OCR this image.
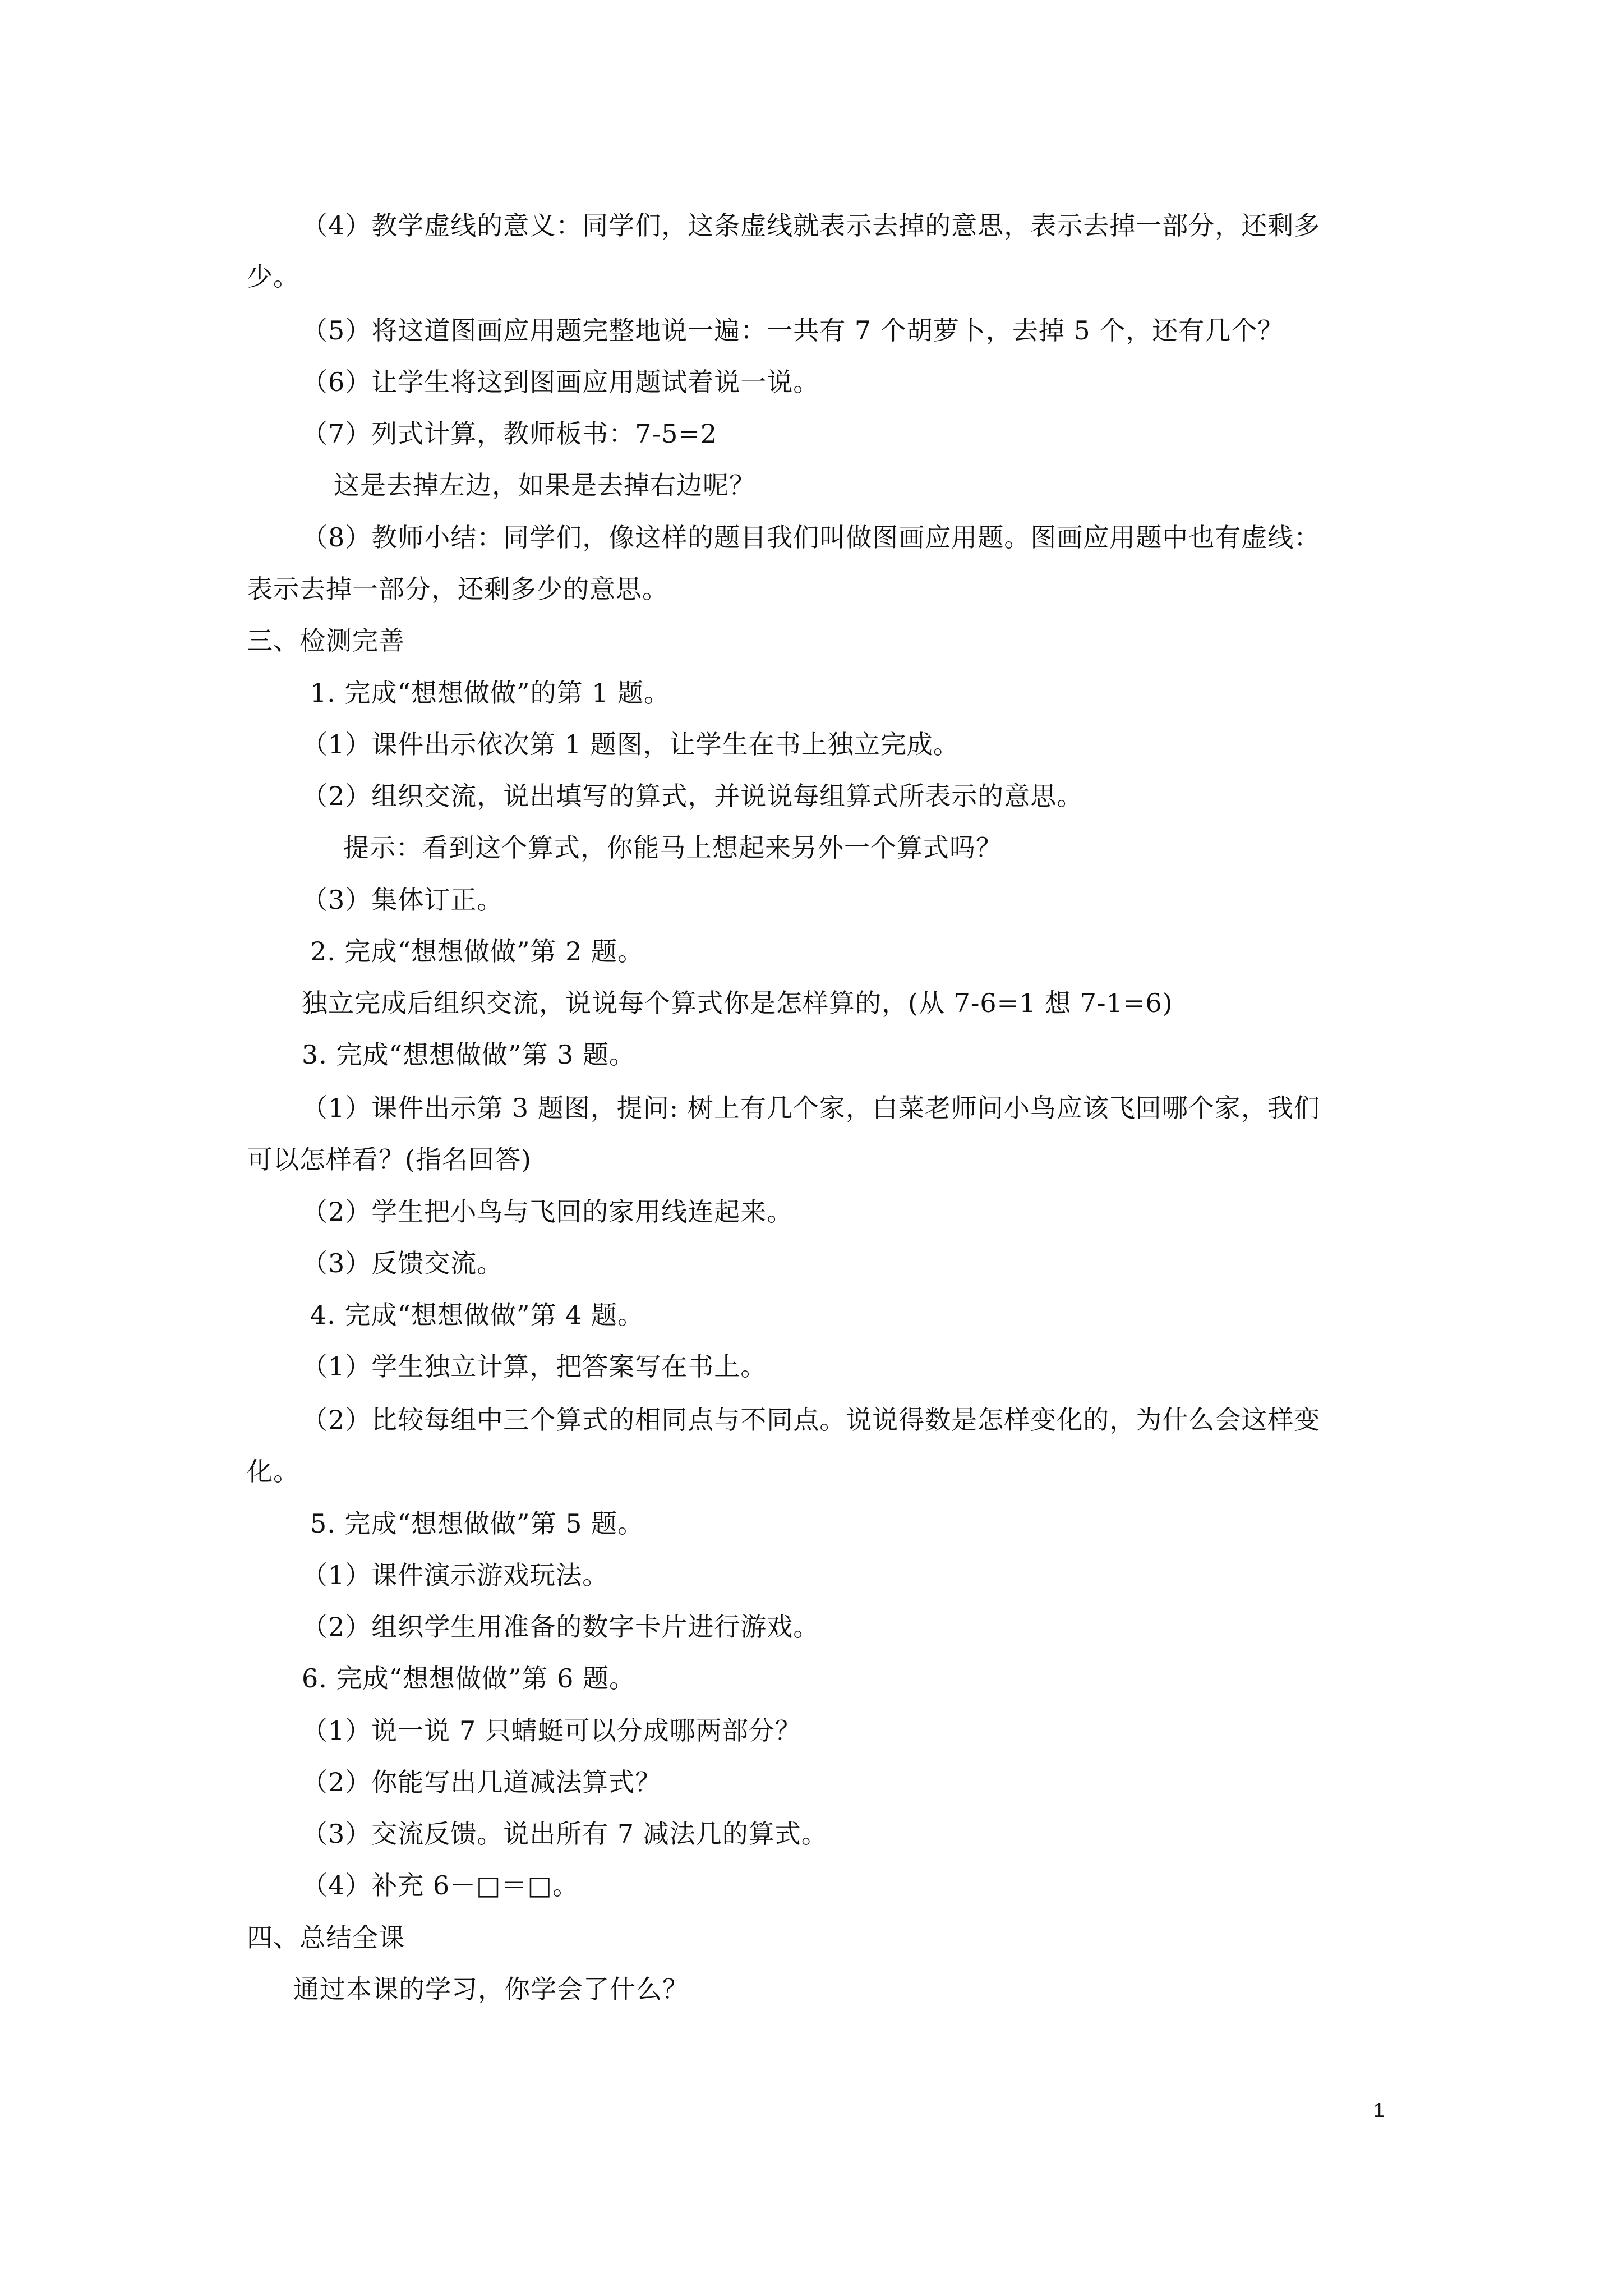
（4）教学虚线的意义：同学们，这条虚线就表示去掉的意思，表示去掉一部分，还剩多
少。
（5）将这道图画应用题完整地说一遍：一共有 7 个胡萝卜，去掉 5 个，还有几个？
（6）让学生将这到图画应用题试着说一说。
（7）列式计算，教师板书：7-5=2
这是去掉左边，如果是去掉右边呢？
（8）教师小结：同学们，像这样的题目我们叫做图画应用题。图画应用题中也有虚线：
表示去掉一部分，还剩多少的意思。
三、检测完善
1. 完成“想想做做”的第 1 题。
（1）课件出示依次第 1 题图，让学生在书上独立完成。
（2）组织交流，说出填写的算式，并说说每组算式所表示的意思。
提示：看到这个算式，你能马上想起来另外一个算式吗？
（3）集体订正。
2. 完成“想想做做”第 2 题。
独立完成后组织交流，说说每个算式你是怎样算的，(从 7-6=1 想 7-1=6)
3. 完成“想想做做”第 3 题。
（1）课件出示第 3 题图，提问: 树上有几个家，白菜老师问小鸟应该飞回哪个家，我们
可以怎样看？(指名回答)
（2）学生把小鸟与飞回的家用线连起来。
（3）反馈交流。
4. 完成“想想做做”第 4 题。
（1）学生独立计算，把答案写在书上。
（2）比较每组中三个算式的相同点与不同点。说说得数是怎样变化的，为什么会这样变
化。
5. 完成“想想做做”第 5 题。
（1）课件演示游戏玩法。
（2）组织学生用准备的数字卡片进行游戏。
6. 完成“想想做做”第 6 题。
（1）说一说 7 只蜻蜓可以分成哪两部分？
（2）你能写出几道减法算式？
（3）交流反馈。说出所有 7 减法几的算式。
（4）补充 6－□＝□。
四、总结全课
通过本课的学习，你学会了什么？
1
